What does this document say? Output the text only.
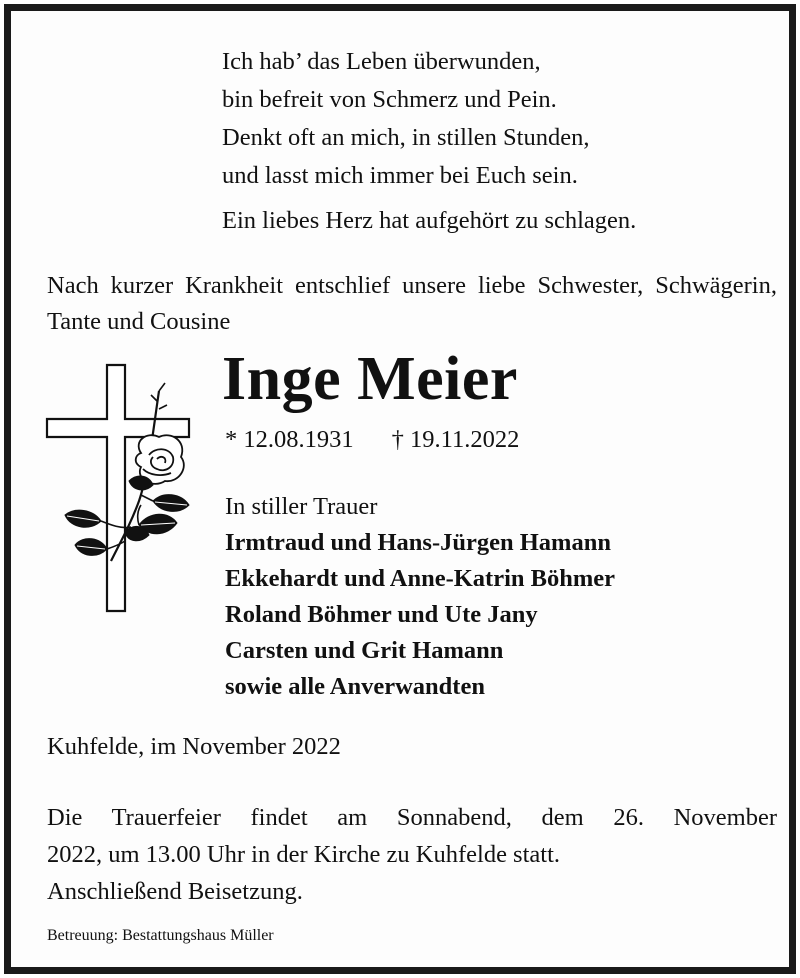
Ich hab’ das Leben überwunden,

bin befreit von Schmerz und Pein.

Denkt oft an mich, in stillen Stunden,

und lasst mich immer bei Euch sein.

Ein liebes Herz hat aufgehört zu schlagen.

Nach kurzer Krankheit entschlief unsere liebe Schwester, Schwägerin, Tante und Cousine

Inge Meier
* 12.08.1931 † 19.11.2022

In stiller Trauer

Irmtraud und Hans-Jürgen Hamann

Ekkehardt und Anne-Katrin Böhmer

Roland Böhmer und Ute Jany

Carsten und Grit Hamann

sowie alle Anverwandten

Kuhfelde, im November 2022

Die Trauerfeier findet am Sonnabend, dem 26. November
2022, um 13.00 Uhr in der Kirche zu Kuhfelde statt.
Anschließend Beisetzung.

Betreuung: Bestattungshaus Müller
